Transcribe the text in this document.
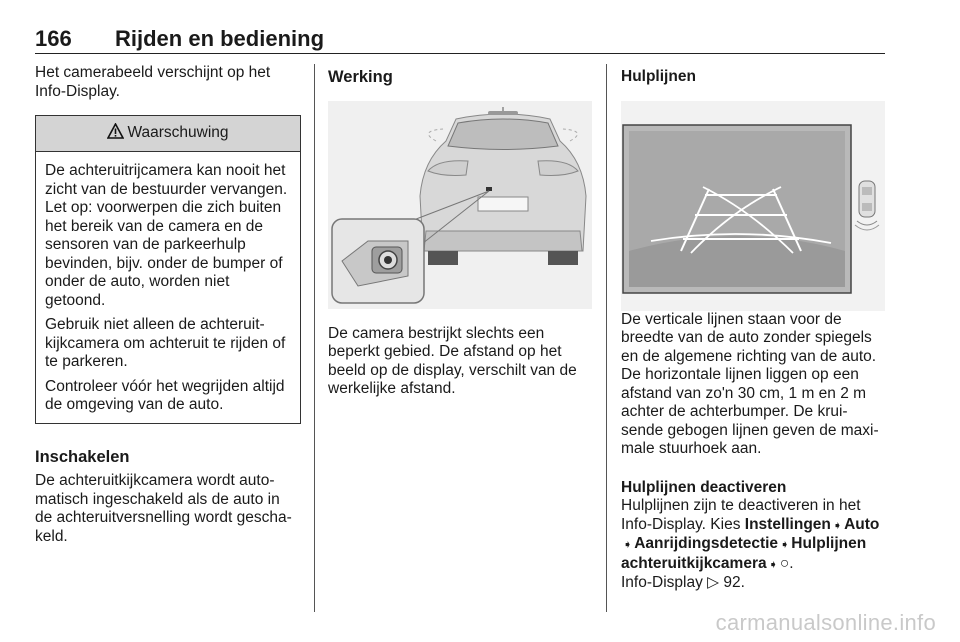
166 Rijden en bediening

Het camerabeeld verschijnt op het Info-Display.

Waarschuwing

De achteruitrijcamera kan nooit het zicht van de bestuurder vervangen. Let op: voorwerpen die zich buiten het bereik van de camera en de sensoren van de parkeerhulp bevinden, bijv. onder de bumper of onder de auto, worden niet getoond.

Gebruik niet alleen de achteruit-kijkcamera om achteruit te rijden of te parkeren.

Controleer vóór het wegrijden altijd de omgeving van de auto.

Inschakelen

De achteruitkijkcamera wordt auto-matisch ingeschakeld als de auto in de achteruitversnelling wordt gescha-keld.

Werking

De camera bestrijkt slechts een beperkt gebied. De afstand op het beeld op de display, verschilt van de werkelijke afstand.

Hulplijnen

De verticale lijnen staan voor de breedte van de auto zonder spiegels en de algemene richting van de auto. De horizontale lijnen liggen op een afstand van zo'n 30 cm, 1 m en 2 m achter de achterbumper. De krui-sende gebogen lijnen geven de maxi-male stuurhoek aan.

Hulplijnen deactiveren

Hulplijnen zijn te deactiveren in het Info-Display. Kies Instellingen ➧ Auto
➧ Aanrijdingsdetectie ➧ Hulplijnen achteruitkijkcamera ➧ ○.

Info-Display ▷ 92.

carmanualsonline.info
